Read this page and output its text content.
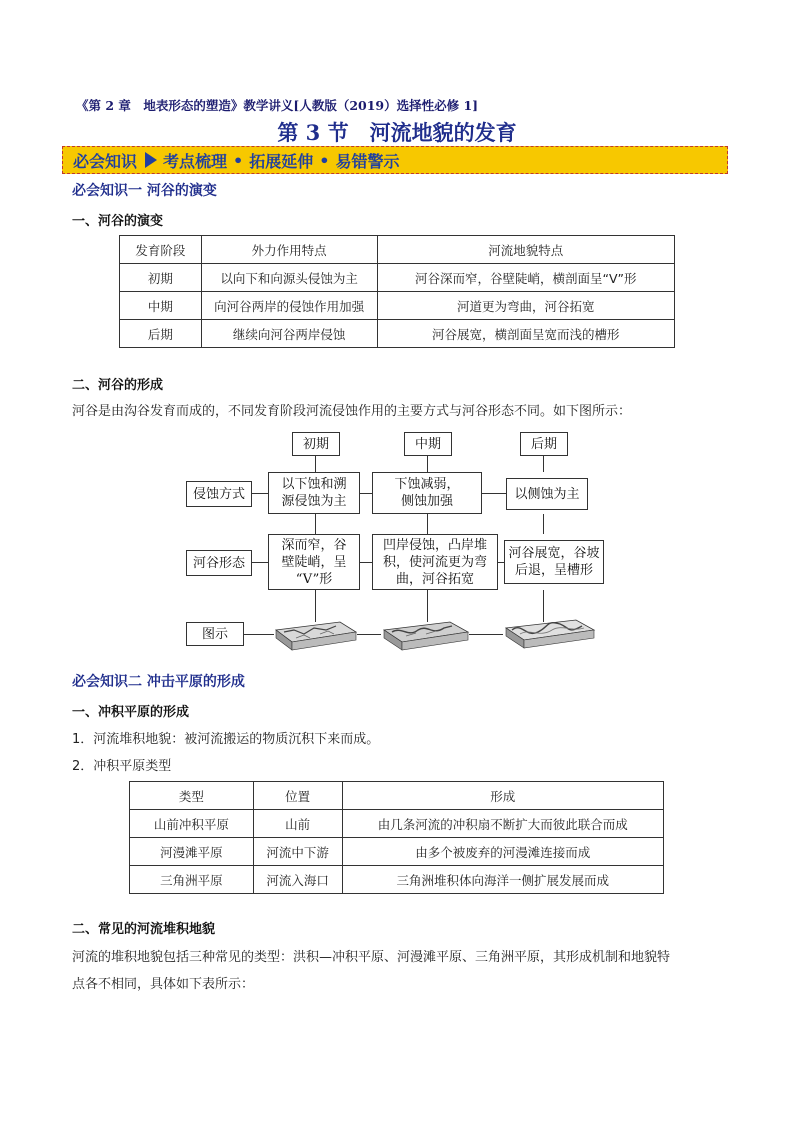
《第 2 章　地表形态的塑造》教学讲义[人教版（2019）选择性必修 1]
第 3 节　河流地貌的发育
必会知识 考点梳理 • 拓展延伸 • 易错警示
必会知识一 河谷的演变
一、河谷的演变
发育阶段	外力作用特点	河流地貌特点
初期	以向下和向源头侵蚀为主	河谷深而窄，谷壁陡峭，横剖面呈“V”形
中期	向河谷两岸的侵蚀作用加强	河道更为弯曲，河谷拓宽
后期	继续向河谷两岸侵蚀	河谷展宽，横剖面呈宽而浅的槽形
二、河谷的形成
河谷是由沟谷发育而成的，不同发育阶段河流侵蚀作用的主要方式与河谷形态不同。如下图所示：
初期	中期	后期
侵蚀方式
河谷形态
图示
以下蚀和溯
源侵蚀为主
下蚀减弱，
侧蚀加强	以侧蚀为主
深而窄，谷
壁陡峭，呈
“V”形
凹岸侵蚀，凸岸堆
积，使河流更为弯
曲，河谷拓宽
河谷展宽，谷坡
后退，呈槽形
必会知识二 冲击平原的形成
一、冲积平原的形成
1．河流堆积地貌：被河流搬运的物质沉积下来而成。
2．冲积平原类型
类型	位置	形成
山前冲积平原	山前	由几条河流的冲积扇不断扩大而彼此联合而成
河漫滩平原	河流中下游	由多个被废弃的河漫滩连接而成
三角洲平原	河流入海口	三角洲堆积体向海洋一侧扩展发展而成
二、常见的河流堆积地貌
河流的堆积地貌包括三种常见的类型：洪积—冲积平原、河漫滩平原、三角洲平原，其形成机制和地貌特
点各不相同，具体如下表所示：
